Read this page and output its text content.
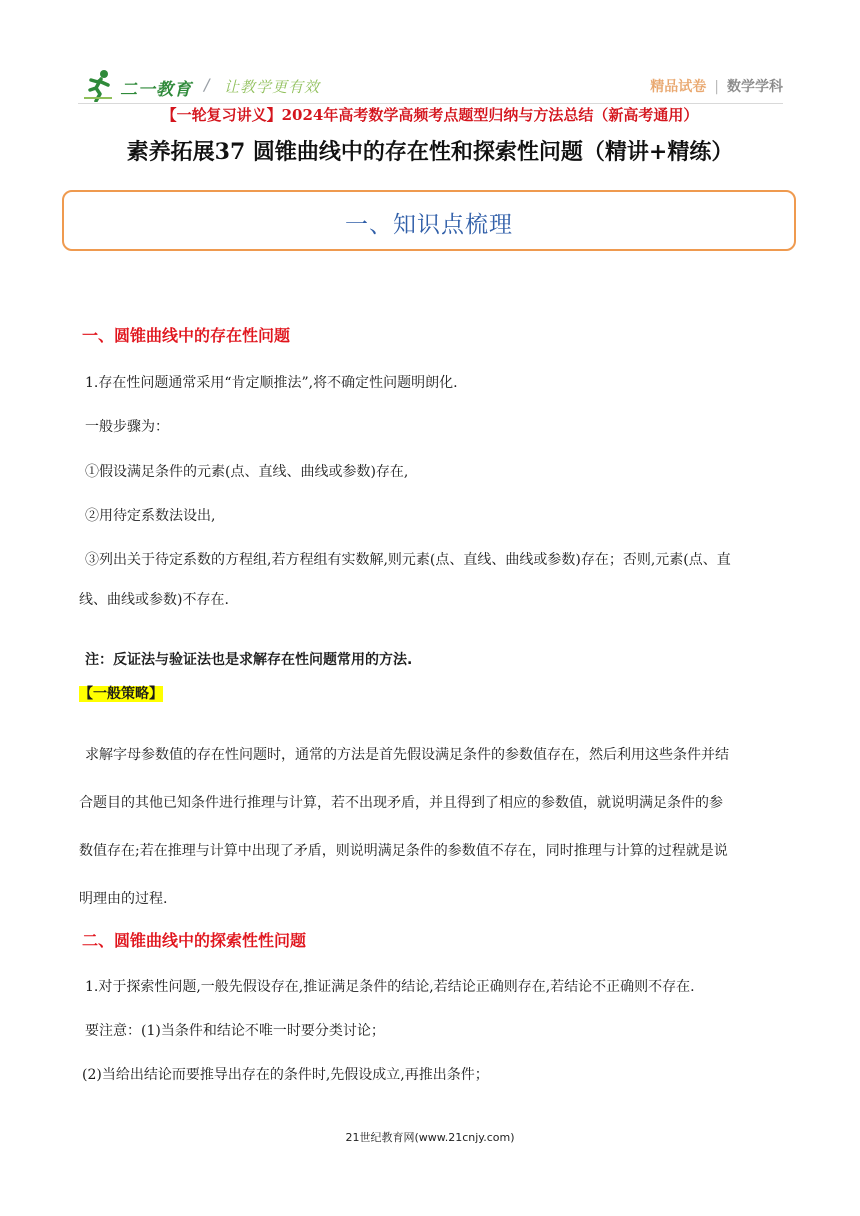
二一教育 / 让教学更有效	精品试卷 | 数学学科
【一轮复习讲义】2024年高考数学高频考点题型归纳与方法总结（新高考通用）
素养拓展37 圆锥曲线中的存在性和探索性问题（精讲+精练）
一、知识点梳理
一、圆锥曲线中的存在性问题
1.存在性问题通常采用“肯定顺推法”,将不确定性问题明朗化.
一般步骤为：
①假设满足条件的元素(点、直线、曲线或参数)存在,
②用待定系数法设出,
③列出关于待定系数的方程组,若方程组有实数解,则元素(点、直线、曲线或参数)存在；否则,元素(点、直
线、曲线或参数)不存在.
注：反证法与验证法也是求解存在性问题常用的方法.
【一般策略】
求解字母参数值的存在性问题时，通常的方法是首先假设满足条件的参数值存在，然后利用这些条件并结
合题目的其他已知条件进行推理与计算，若不出现矛盾，并且得到了相应的参数值，就说明满足条件的参
数值存在;若在推理与计算中出现了矛盾，则说明满足条件的参数值不存在，同时推理与计算的过程就是说
明理由的过程.
二、圆锥曲线中的探索性性问题
1.对于探索性问题,一般先假设存在,推证满足条件的结论,若结论正确则存在,若结论不正确则不存在.
要注意：(1)当条件和结论不唯一时要分类讨论；
(2)当给出结论而要推导出存在的条件时,先假设成立,再推出条件；
21世纪教育网(www.21cnjy.com)
